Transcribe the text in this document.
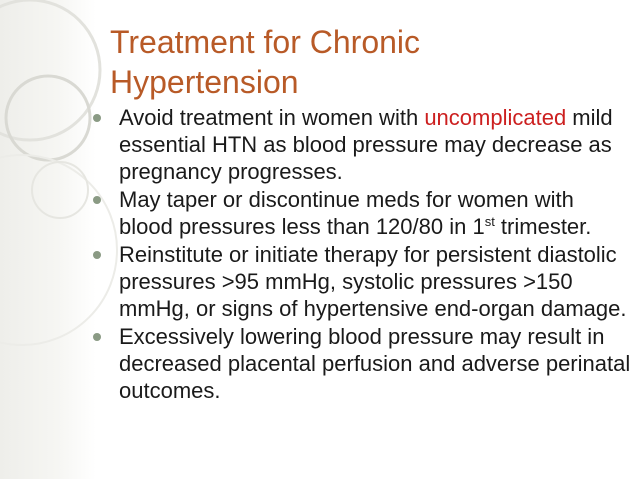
Treatment for Chronic
Hypertension
Avoid treatment in women with uncomplicated mild essential HTN as blood pressure may decrease as pregnancy progresses.
May taper or discontinue meds for women with blood pressures less than 120/80 in 1st trimester.
Reinstitute or initiate therapy for persistent diastolic pressures >95 mmHg, systolic pressures >150 mmHg, or signs of hypertensive end-organ damage.
Excessively lowering blood pressure may result in decreased placental perfusion and adverse perinatal outcomes.
